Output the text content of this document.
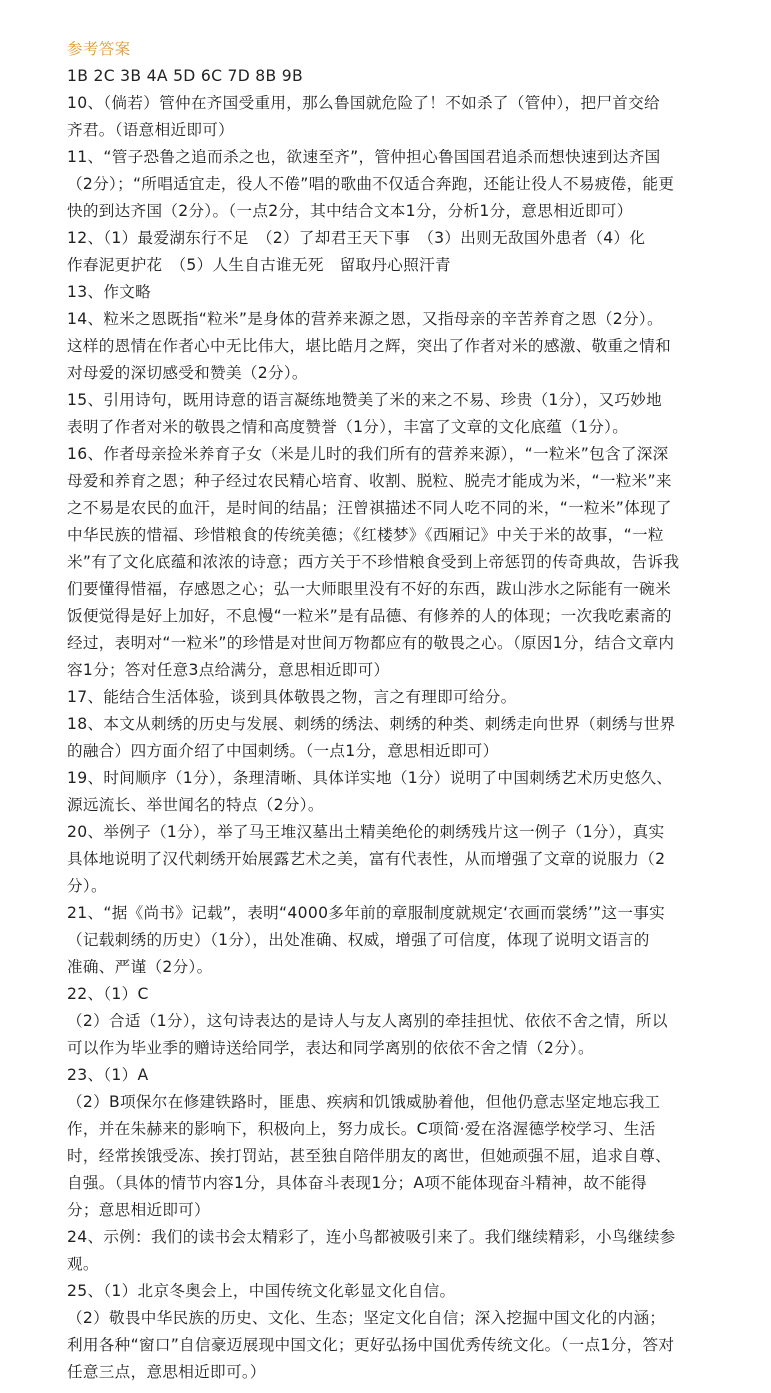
参考答案
1B 2C 3B 4A 5D 6C 7D 8B 9B
10、（倘若）管仲在齐国受重用，那么鲁国就危险了！不如杀了（管仲），把尸首交给
齐君。（语意相近即可）
11、“管子恐鲁之追而杀之也，欲速至齐”，管仲担心鲁国国君追杀而想快速到达齐国
（2分）；“所唱适宜走，役人不倦”唱的歌曲不仅适合奔跑，还能让役人不易疲倦，能更
快的到达齐国（2分）。（一点2分，其中结合文本1分，分析1分，意思相近即可）
12、（1）最爱湖东行不足　（2）了却君王天下事　（3）出则无敌国外患者（4）化
作春泥更护花　（5）人生自古谁无死　留取丹心照汗青
13、作文略
14、粒米之恩既指“粒米”是身体的营养来源之恩，又指母亲的辛苦养育之恩（2分）。
这样的恩情在作者心中无比伟大，堪比皓月之辉，突出了作者对米的感激、敬重之情和
对母爱的深切感受和赞美（2分）。
15、引用诗句，既用诗意的语言凝练地赞美了米的来之不易、珍贵（1分），又巧妙地
表明了作者对米的敬畏之情和高度赞誉（1分），丰富了文章的文化底蕴（1分）。
16、作者母亲捡米养育子女（米是儿时的我们所有的营养来源），“一粒米”包含了深深
母爱和养育之恩；种子经过农民精心培育、收割、脱粒、脱壳才能成为米，“一粒米”来
之不易是农民的血汗，是时间的结晶；汪曾祺描述不同人吃不同的米，“一粒米”体现了
中华民族的惜福、珍惜粮食的传统美德；《红楼梦》《西厢记》中关于米的故事，“一粒
米”有了文化底蕴和浓浓的诗意；西方关于不珍惜粮食受到上帝惩罚的传奇典故，告诉我
们要懂得惜福，存感恩之心；弘一大师眼里没有不好的东西，跋山涉水之际能有一碗米
饭便觉得是好上加好，不息慢“一粒米”是有品德、有修养的人的体现；一次我吃素斋的
经过，表明对“一粒米”的珍惜是对世间万物都应有的敬畏之心。（原因1分，结合文章内
容1分；答对任意3点给满分，意思相近即可）
17、能结合生活体验，谈到具体敬畏之物，言之有理即可给分。
18、本文从刺绣的历史与发展、刺绣的绣法、刺绣的种类、刺绣走向世界（刺绣与世界
的融合）四方面介绍了中国刺绣。（一点1分，意思相近即可）
19、时间顺序（1分），条理清晰、具体详实地（1分）说明了中国刺绣艺术历史悠久、
源远流长、举世闻名的特点（2分）。
20、举例子（1分），举了马王堆汉墓出土精美绝伦的刺绣残片这一例子（1分），真实
具体地说明了汉代刺绣开始展露艺术之美，富有代表性，从而增强了文章的说服力（2
分）。
21、“据《尚书》记载”，表明“4000多年前的章服制度就规定‘衣画而裳绣’”这一事实
（记载刺绣的历史）（1分），出处准确、权威，增强了可信度，体现了说明文语言的
准确、严谨（2分）。
22、（1）C
（2）合适（1分），这句诗表达的是诗人与友人离别的牵挂担忧、依依不舍之情，所以
可以作为毕业季的赠诗送给同学，表达和同学离别的依依不舍之情（2分）。
23、（1）A
（2）B项保尔在修建铁路时，匪患、疾病和饥饿威胁着他，但他仍意志坚定地忘我工
作，并在朱赫来的影响下，积极向上，努力成长。C项简·爱在洛渥德学校学习、生活
时，经常挨饿受冻、挨打罚站，甚至独自陪伴朋友的离世，但她顽强不屈，追求自尊、
自强。（具体的情节内容1分，具体奋斗表现1分；A项不能体现奋斗精神，故不能得
分；意思相近即可）
24、示例：我们的读书会太精彩了，连小鸟都被吸引来了。我们继续精彩，小鸟继续参
观。
25、（1）北京冬奥会上，中国传统文化彰显文化自信。
（2）敬畏中华民族的历史、文化、生态；坚定文化自信；深入挖掘中国文化的内涵；
利用各种“窗口”自信豪迈展现中国文化；更好弘扬中国优秀传统文化。（一点1分，答对
任意三点，意思相近即可。）
